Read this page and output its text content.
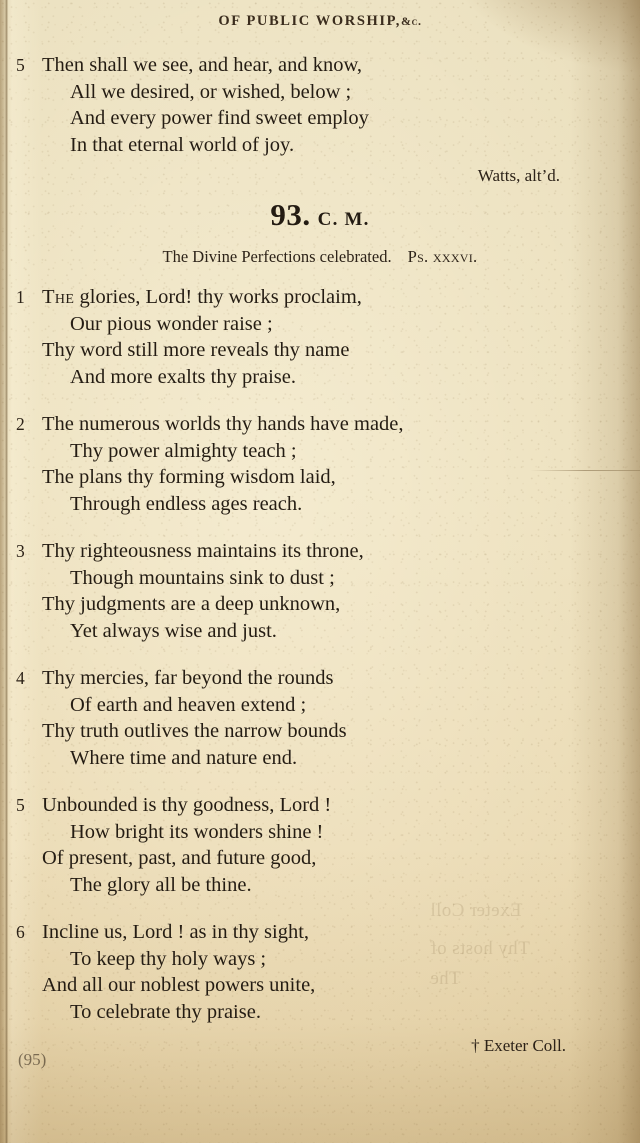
Exeter Coll
Thy hosts of
The
OF PUBLIC WORSHIP,&c.
5 Then shall we see, and hear, and know,
All we desired, or wished, below ;
And every power find sweet employ
In that eternal world of joy.
Watts, alt’d.
93. C. M.
The Divine Perfections celebrated. Ps. xxxvi.
1 The glories, Lord! thy works proclaim,
Our pious wonder raise ;
Thy word still more reveals thy name
And more exalts thy praise.
2 The numerous worlds thy hands have made,
Thy power almighty teach ;
The plans thy forming wisdom laid,
Through endless ages reach.
3 Thy righteousness maintains its throne,
Though mountains sink to dust ;
Thy judgments are a deep unknown,
Yet always wise and just.
4 Thy mercies, far beyond the rounds
Of earth and heaven extend ;
Thy truth outlives the narrow bounds
Where time and nature end.
5 Unbounded is thy goodness, Lord !
How bright its wonders shine !
Of present, past, and future good,
The glory all be thine.
6 Incline us, Lord ! as in thy sight,
To keep thy holy ways ;
And all our noblest powers unite,
To celebrate thy praise.
† Exeter Coll.
(95)
